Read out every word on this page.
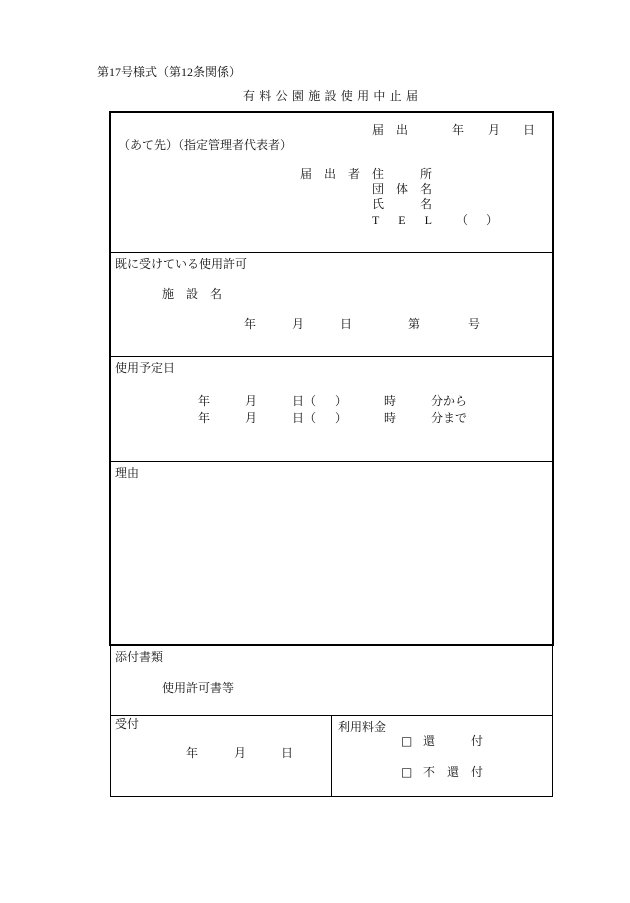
第17号様式（第12条関係）
有 料 公 園 施 設 使 用 中 止 届
届 出	年 月 日
（あて先）（指定管理者代表者）
届 出 者 住 所
団 体 名
氏 名
T E L （ ）
既に受けている使用許可
施 設 名
年	月	日	第	号
使用予定日
年	月	日（ ）	時	分から
年	月	日（ ）	時	分まで
理由
添付書類
使用許可書等
受付
年	月	日
利用料金
□ 還 付
□ 不 還 付
